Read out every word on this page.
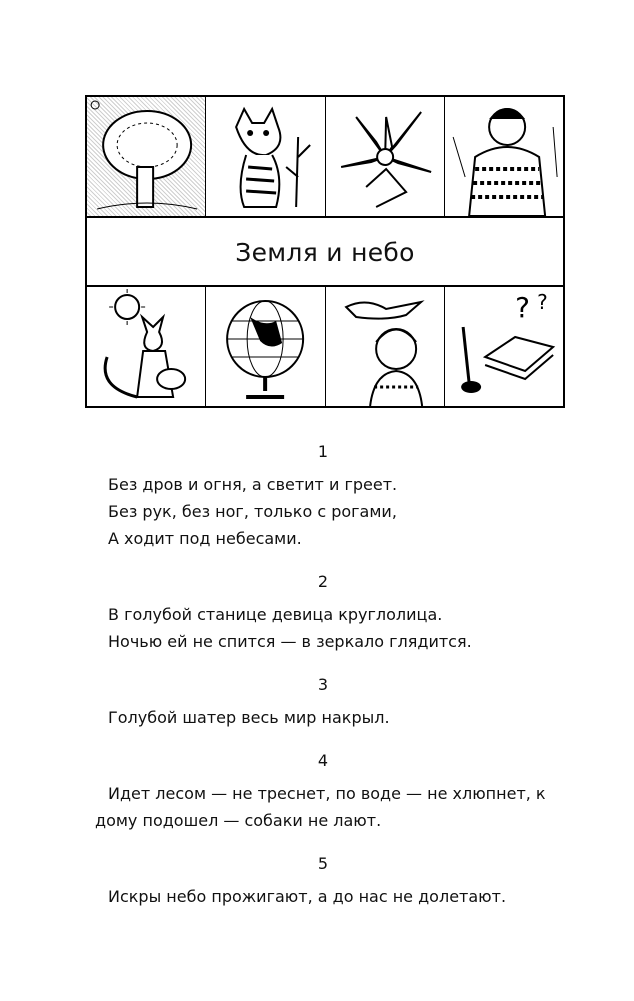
Земля и небо
? ?
1

Без дров и огня, а светит и греет.

Без рук, без ног, только с рогами,

А ходит под небесами.

2

В голубой станице девица круглолица.

Ночью ей не спится — в зеркало глядится.

3

Голубой шатер весь мир накрыл.

4

Идет лесом — не треснет, по воде — не хлюпнет, к

дому подошел — собаки не лают.

5

Искры небо прожигают, а до нас не долетают.
